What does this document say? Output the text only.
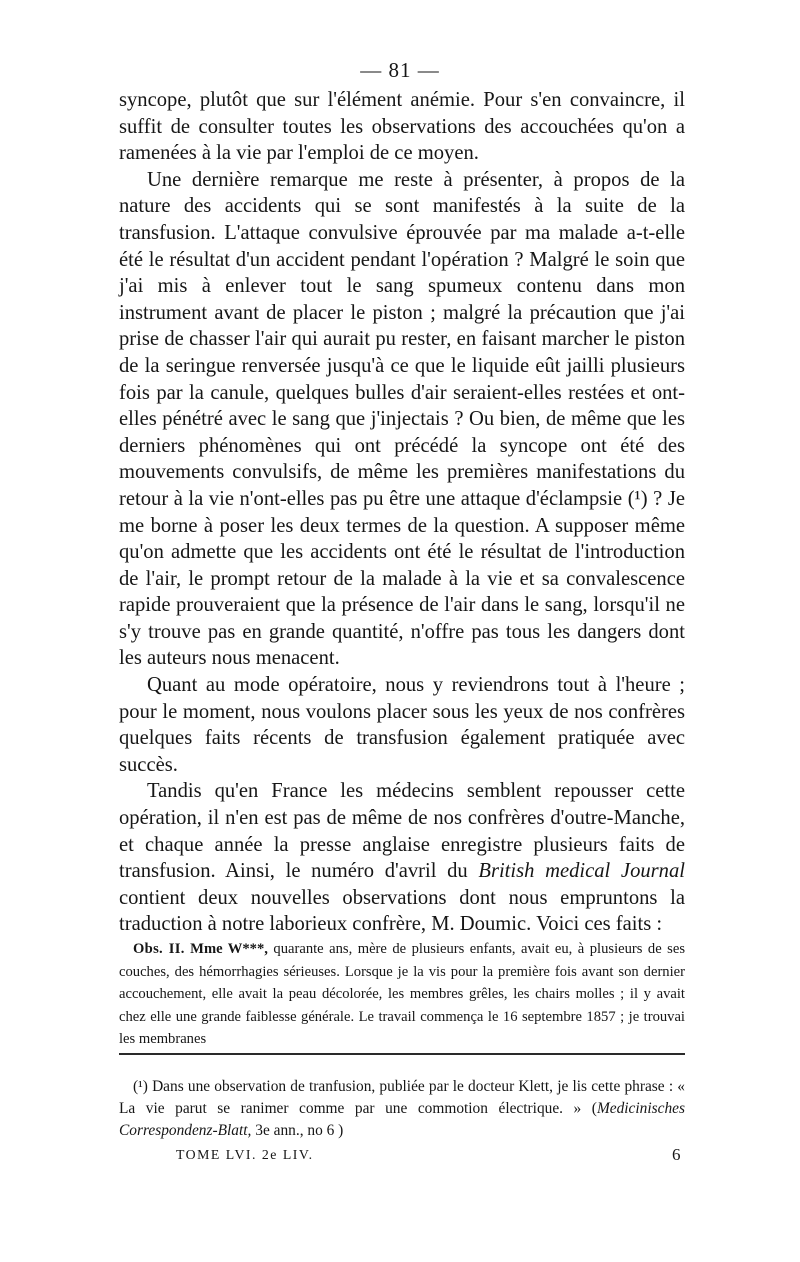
— 81 —

syncope, plutôt que sur l'élément anémie. Pour s'en convaincre, il suffit de consulter toutes les observations des accouchées qu'on a ramenées à la vie par l'emploi de ce moyen.

Une dernière remarque me reste à présenter, à propos de la nature des accidents qui se sont manifestés à la suite de la transfusion. L'attaque convulsive éprouvée par ma malade a-t-elle été le résultat d'un accident pendant l'opération ? Malgré le soin que j'ai mis à enlever tout le sang spumeux contenu dans mon instrument avant de placer le piston ; malgré la précaution que j'ai prise de chasser l'air qui aurait pu rester, en faisant marcher le piston de la seringue renversée jusqu'à ce que le liquide eût jailli plusieurs fois par la canule, quelques bulles d'air seraient-elles restées et ont-elles pénétré avec le sang que j'injectais ? Ou bien, de même que les derniers phénomènes qui ont précédé la syncope ont été des mouvements convulsifs, de même les premières manifestations du retour à la vie n'ont-elles pas pu être une attaque d'éclampsie (¹) ? Je me borne à poser les deux termes de la question. A supposer même qu'on admette que les accidents ont été le résultat de l'introduction de l'air, le prompt retour de la malade à la vie et sa convalescence rapide prouveraient que la présence de l'air dans le sang, lorsqu'il ne s'y trouve pas en grande quantité, n'offre pas tous les dangers dont les auteurs nous menacent.

Quant au mode opératoire, nous y reviendrons tout à l'heure ; pour le moment, nous voulons placer sous les yeux de nos confrères quelques faits récents de transfusion également pratiquée avec succès.

Tandis qu'en France les médecins semblent repousser cette opération, il n'en est pas de même de nos confrères d'outre-Manche, et chaque année la presse anglaise enregistre plusieurs faits de transfusion. Ainsi, le numéro d'avril du British medical Journal contient deux nouvelles observations dont nous empruntons la traduction à notre laborieux confrère, M. Doumic. Voici ces faits :

Obs. II. Mme W***, quarante ans, mère de plusieurs enfants, avait eu, à plusieurs de ses couches, des hémorrhagies sérieuses. Lorsque je la vis pour la première fois avant son dernier accouchement, elle avait la peau décolorée, les membres grêles, les chairs molles ; il y avait chez elle une grande faiblesse générale. Le travail commença le 16 septembre 1857 ; je trouvai les membranes

(¹) Dans une observation de tranfusion, publiée par le docteur Klett, je lis cette phrase : « La vie parut se ranimer comme par une commotion électrique. » (Medicinisches Correspondenz-Blatt, 3e ann., no 6 )

TOME LVI. 2e LIV.	6
